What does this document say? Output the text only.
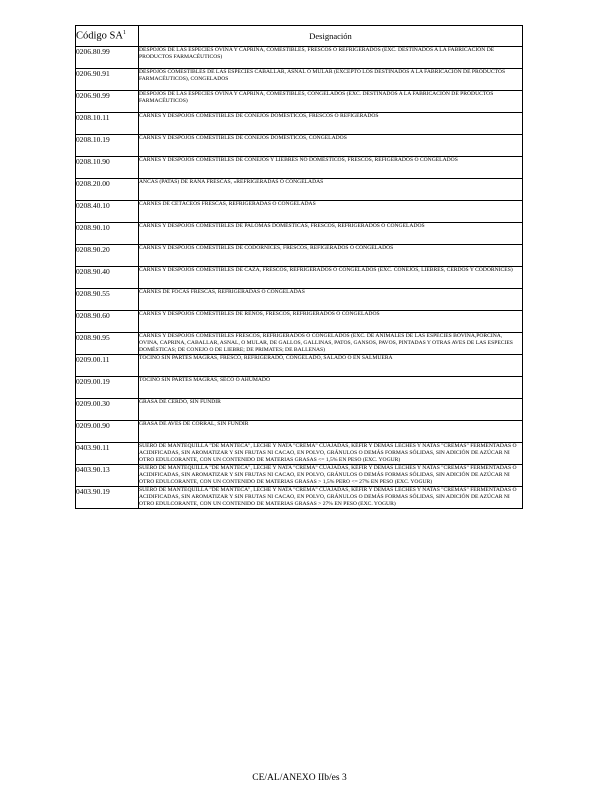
Código $SA^1$	Designación
0206.80.99	DESPOJOS DE LAS ESPECIES OVINA Y CAPRINA, COMESTIBLES, FRESCOS O REFRIGERADOS (EXC. DESTINADOS A LA FABRICACIÓN DE PRODUCTOS FARMACÉUTICOS)
0206.90.91	DESPOJOS COMESTIBLES DE LAS ESPECIES CABALLAR, ASNAL O MULAR (EXCEPTO LOS DESTINADOS A LA FABRICACIÓN DE PRODUCTOS FARMACÉUTICOS), CONGELADOS
0206.90.99	DESPOJOS DE LAS ESPECIES OVINA Y CAPRINA, COMESTIBLES, CONGELADOS (EXC. DESTINADOS A LA FABRICACIÓN DE PRODUCTOS FARMACÉUTICOS)
0208.10.11	CARNES Y DESPOJOS COMESTIBLES DE CONEJOS DOMÉSTICOS, FRESCOS O REFIGERADOS
0208.10.19	CARNES Y DESPOJOS COMESTIBLES DE CONEJOS DOMÉSTICOS, CONGELADOS
0208.10.90	CARNES Y DESPOJOS COMESTIBLES DE CONEJOS Y LIEBRES NO DOMÉSTICOS, FRESCOS, REFIGERADOS O CONGELADOS
0208.20.00	ANCAS (PATAS) DE RANA FRESCAS, «REFRIGERADAS O CONGELADAS
0208.40.10	CARNES DE CETÁCEOS FRESCAS, REFRIGERADAS O CONGELADAS
0208.90.10	CARNES Y DESPOJOS COMESTIBLES DE PALOMAS DOMÉSTICAS, FRESCOS, REFRIGERADOS O CONGELADOS
0208.90.20	CARNES Y DESPOJOS COMESTIBLES DE CODORNICES, FRESCOS, REFIGERADOS O CONGELADOS
0208.90.40	CARNES Y DESPOJOS COMESTIBLES DE CAZA, FRESCOS, REFRIGERADOS O CONGELADOS (EXC. CONEJOS, LIEBRES, CERDOS Y CODORNICES)
0208.90.55	CARNES DE FOCAS FRESCAS, REFRIGERADAS O CONGELADAS
0208.90.60	CARNES Y DESPOJOS COMESTIBLES DE RENOS, FRESCOS, REFRIGERADOS O CONGELADOS
0208.90.95	CARNES Y DESPOJOS COMESTIBLES FRESCOS, REFRIGERADOS O CONGELADOS (EXC. DE ANIMALES DE LAS ESPECIES BOVINA,PORCINA, OVINA, CAPRINA, CABALLAR, ASNAL, O MULAR, DE GALLOS, GALLINAS, PATOS, GANSOS, PAVOS, PINTADAS Y OTRAS AVES DE LAS ESPECIES DOMÉSTICAS; DE CONEJO O DE LIEBRE; DE PRIMATES; DE BALLENAS)
0209.00.11	TOCINO SIN PARTES MAGRAS, FRESCO, REFRIGERADO, CONGELADO, SALADO O EN SALMUERA
0209.00.19	TOCINO SIN PARTES MAGRAS, SECO O AHUMADO
0209.00.30	GRASA DE CERDO, SIN FUNDIR
0209.00.90	GRASA DE AVES DE CORRAL, SIN FUNDIR
0403.90.11	SUERO DE MANTEQUILLA "DE MANTECA", LECHE Y NATA "CREMA" CUAJADAS, KÉFIR Y DEMÁS LECHES Y NATAS "CREMAS" FERMENTADAS O ACIDIFICADAS, SIN AROMATIZAR Y SIN FRUTAS NI CACAO, EN POLVO, GRÁNULOS O DEMÁS FORMAS SÓLIDAS, SIN ADICIÓN DE AZÚCAR NI OTRO EDULCORANTE, CON UN CONTENIDO DE MATERIAS GRASAS <= 1,5% EN PESO (EXC. YOGUR)
0403.90.13	SUERO DE MANTEQUILLA "DE MANTECA", LECHE Y NATA "CREMA" CUAJADAS, KÉFIR Y DEMÁS LECHES Y NATAS "CREMAS" FERMENTADAS O ACIDIFICADAS, SIN AROMATIZAR Y SIN FRUTAS NI CACAO, EN POLVO, GRÁNULOS O DEMÁS FORMAS SÓLIDAS, SIN ADICIÓN DE AZÚCAR NI OTRO EDULCORANTE, CON UN CONTENIDO DE MATERIAS GRASAS > 1,5% PERO <= 27% EN PESO (EXC. YOGUR)
0403.90.19	SUERO DE MANTEQUILLA "DE MANTECA", LECHE Y NATA "CREMA" CUAJADAS, KÉFIR Y DEMÁS LECHES Y NATAS "CREMAS" FERMENTADAS O ACIDIFICADAS, SIN AROMATIZAR Y SIN FRUTAS NI CACAO, EN POLVO, GRÁNULOS O DEMÁS FORMAS SÓLIDAS, SIN ADICIÓN DE AZÚCAR NI OTRO EDULCORANTE, CON UN CONTENIDO DE MATERIAS GRASAS > 27% EN PESO (EXC. YOGUR)
CE/AL/ANEXO IIb/es 3
